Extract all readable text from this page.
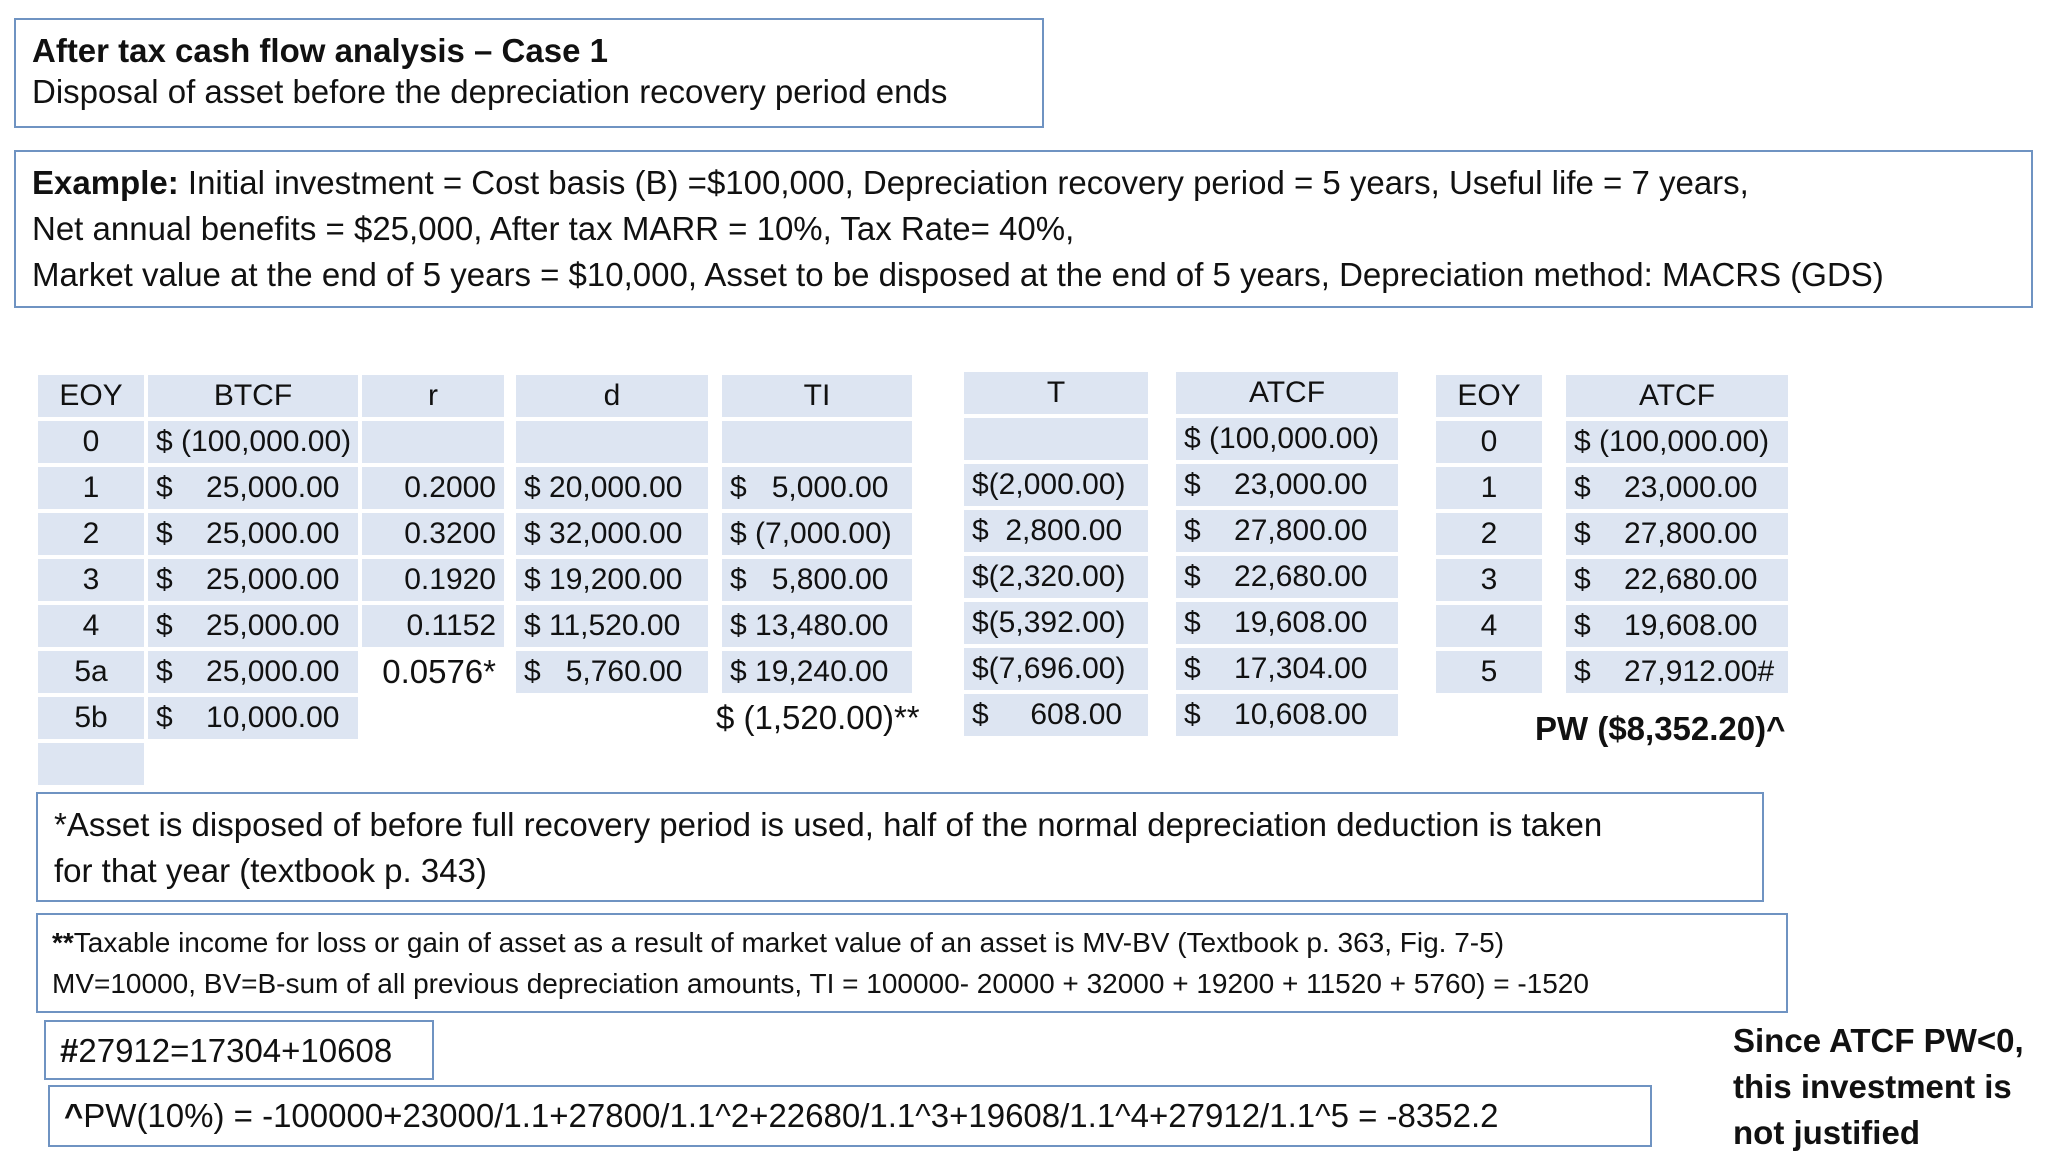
After tax cash flow analysis – Case 1
Disposal of asset before the depreciation recovery period ends
Example: Initial investment = Cost basis (B) =$100,000, Depreciation recovery period = 5 years, Useful life = 7 years,
Net annual benefits = $25,000, After tax MARR = 10%, Tax Rate= 40%,
Market value at the end of 5 years = $10,000, Asset to be disposed at the end of 5 years, Depreciation method: MACRS (GDS)
EOY
0
1
2
3
4
5a
5b
BTCF
$ (100,000.00)
$    25,000.00
$    25,000.00
$    25,000.00
$    25,000.00
$    25,000.00
$    10,000.00
r
0.2000
0.3200
0.1920
0.1152
0.0576*
d
$ 20,000.00
$ 32,000.00
$ 19,200.00
$ 11,520.00
$   5,760.00
TI
$   5,000.00
$ (7,000.00)
$   5,800.00
$ 13,480.00
$ 19,240.00
$ (1,520.00)**
T
$(2,000.00)
$  2,800.00
$(2,320.00)
$(5,392.00)
$(7,696.00)
$     608.00
ATCF
$ (100,000.00)
$    23,000.00
$    27,800.00
$    22,680.00
$    19,608.00
$    17,304.00
$    10,608.00
EOY
0
1
2
3
4
5
ATCF
$ (100,000.00)
$    23,000.00
$    27,800.00
$    22,680.00
$    19,608.00
$    27,912.00#
PW ($8,352.20)^
*Asset is disposed of before full recovery period is used, half of the normal depreciation deduction is taken
for that year (textbook p. 343)
**Taxable income for loss or gain of asset as a result of market value of an asset is MV-BV (Textbook p. 363, Fig. 7-5)
MV=10000, BV=B-sum of all previous depreciation amounts, TI = 100000- 20000 + 32000 + 19200 + 11520 + 5760) = -1520
#27912=17304+10608
^PW(10%) = -100000+23000/1.1+27800/1.1^2+22680/1.1^3+19608/1.1^4+27912/1.1^5 = -8352.2
Since ATCF PW<0,
this investment is
not justified
